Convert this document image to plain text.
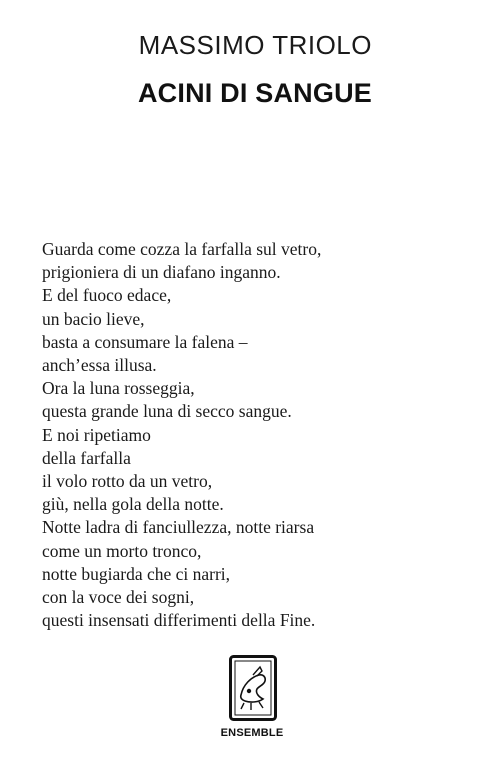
MASSIMO TRIOLO
ACINI DI SANGUE
Guarda come cozza la farfalla sul vetro,
prigioniera di un diafano inganno.
E del fuoco edace,
un bacio lieve,
basta a consumare la falena –
anch’essa illusa.
Ora la luna rosseggia,
questa grande luna di secco sangue.
E noi ripetiamo
della farfalla
il volo rotto da un vetro,
giù, nella gola della notte.
Notte ladra di fanciullezza, notte riarsa
come un morto tronco,
notte bugiarda che ci narri,
con la voce dei sogni,
questi insensati differimenti della Fine.
ENSEMBLE
